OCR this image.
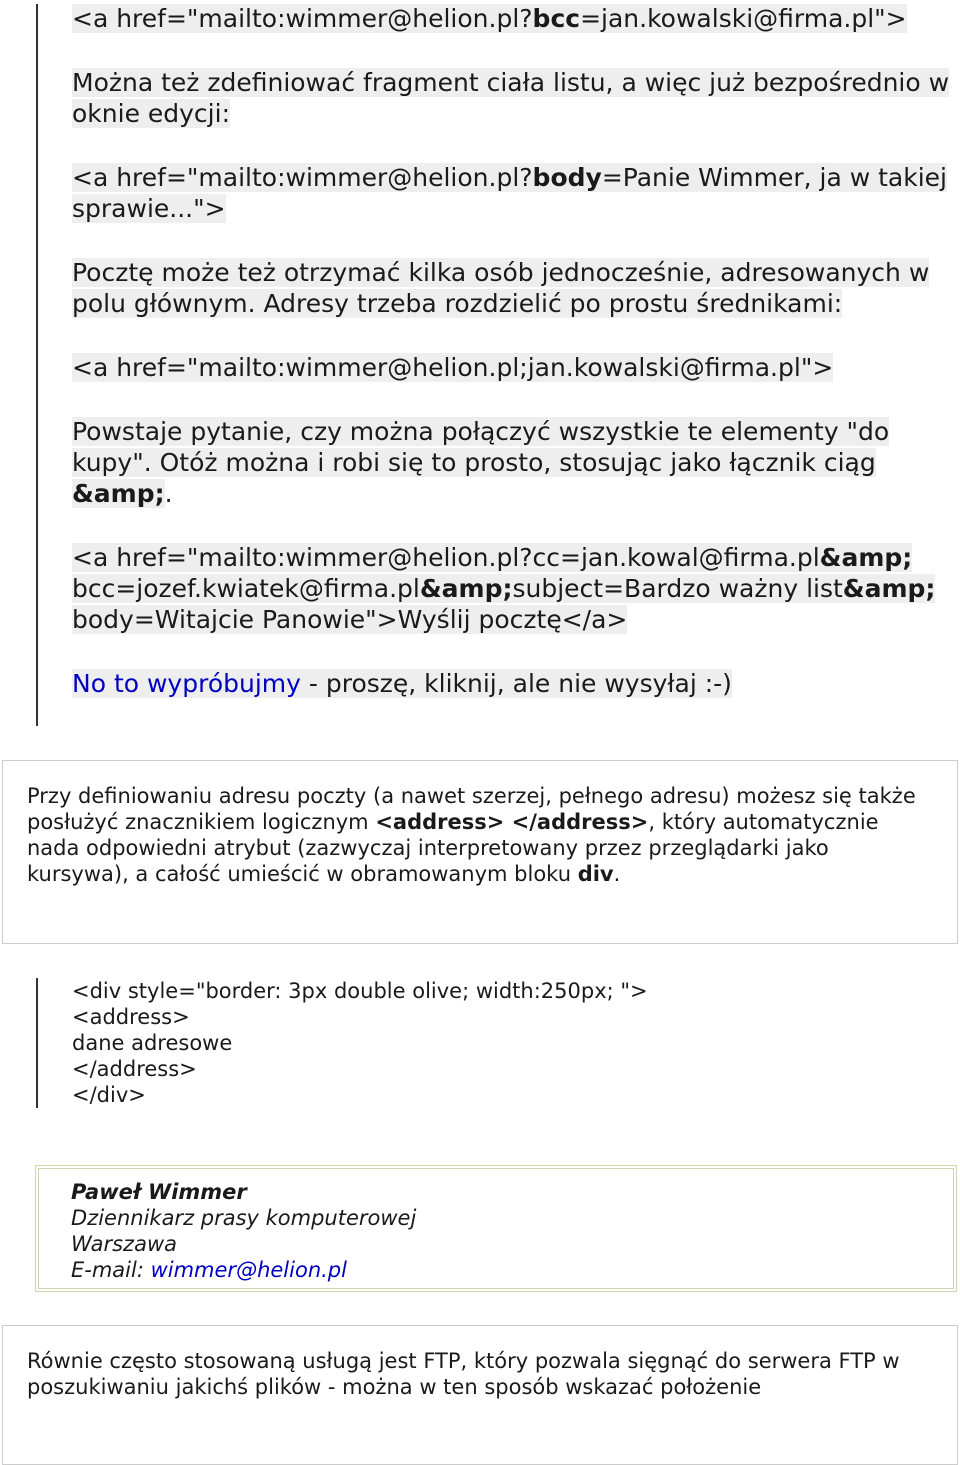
<a href="mailto:wimmer@helion.pl?bcc=jan.kowalski@firma.pl">

Można też zdefiniować fragment ciała listu, a więc już bezpośrednio w oknie edycji:

<a href="mailto:wimmer@helion.pl?body=Panie Wimmer, ja w takiej sprawie...">

Pocztę może też otrzymać kilka osób jednocześnie, adresowanych w polu głównym. Adresy trzeba rozdzielić po prostu średnikami:

<a href="mailto:wimmer@helion.pl;jan.kowalski@firma.pl">

Powstaje pytanie, czy można połączyć wszystkie te elementy "do kupy". Otóż można i robi się to prosto, stosując jako łącznik ciąg &amp;.

<a href="mailto:wimmer@helion.pl?cc=jan.kowal@firma.pl&amp; bcc=jozef.kwiatek@firma.pl&amp;subject=Bardzo ważny list&amp;
body=Witajcie Panowie">Wyślij pocztę</a>

No to wypróbujmy - proszę, kliknij, ale nie wysyłaj :-)

Przy definiowaniu adresu poczty (a nawet szerzej, pełnego adresu) możesz się także posłużyć znacznikiem logicznym <address> </address>, który automatycznie nada odpowiedni atrybut (zazwyczaj interpretowany przez przeglądarki jako kursywa), a całość umieścić w obramowanym bloku div.
<div style="border: 3px double olive; width:250px; ">
<address>
dane adresowe
</address>
</div>
Paweł Wimmer
Dziennikarz prasy komputerowej
Warszawa
E-mail: wimmer@helion.pl
Równie często stosowaną usługą jest FTP, który pozwala sięgnąć do serwera FTP w poszukiwaniu jakichś plików - można w ten sposób wskazać położenie
